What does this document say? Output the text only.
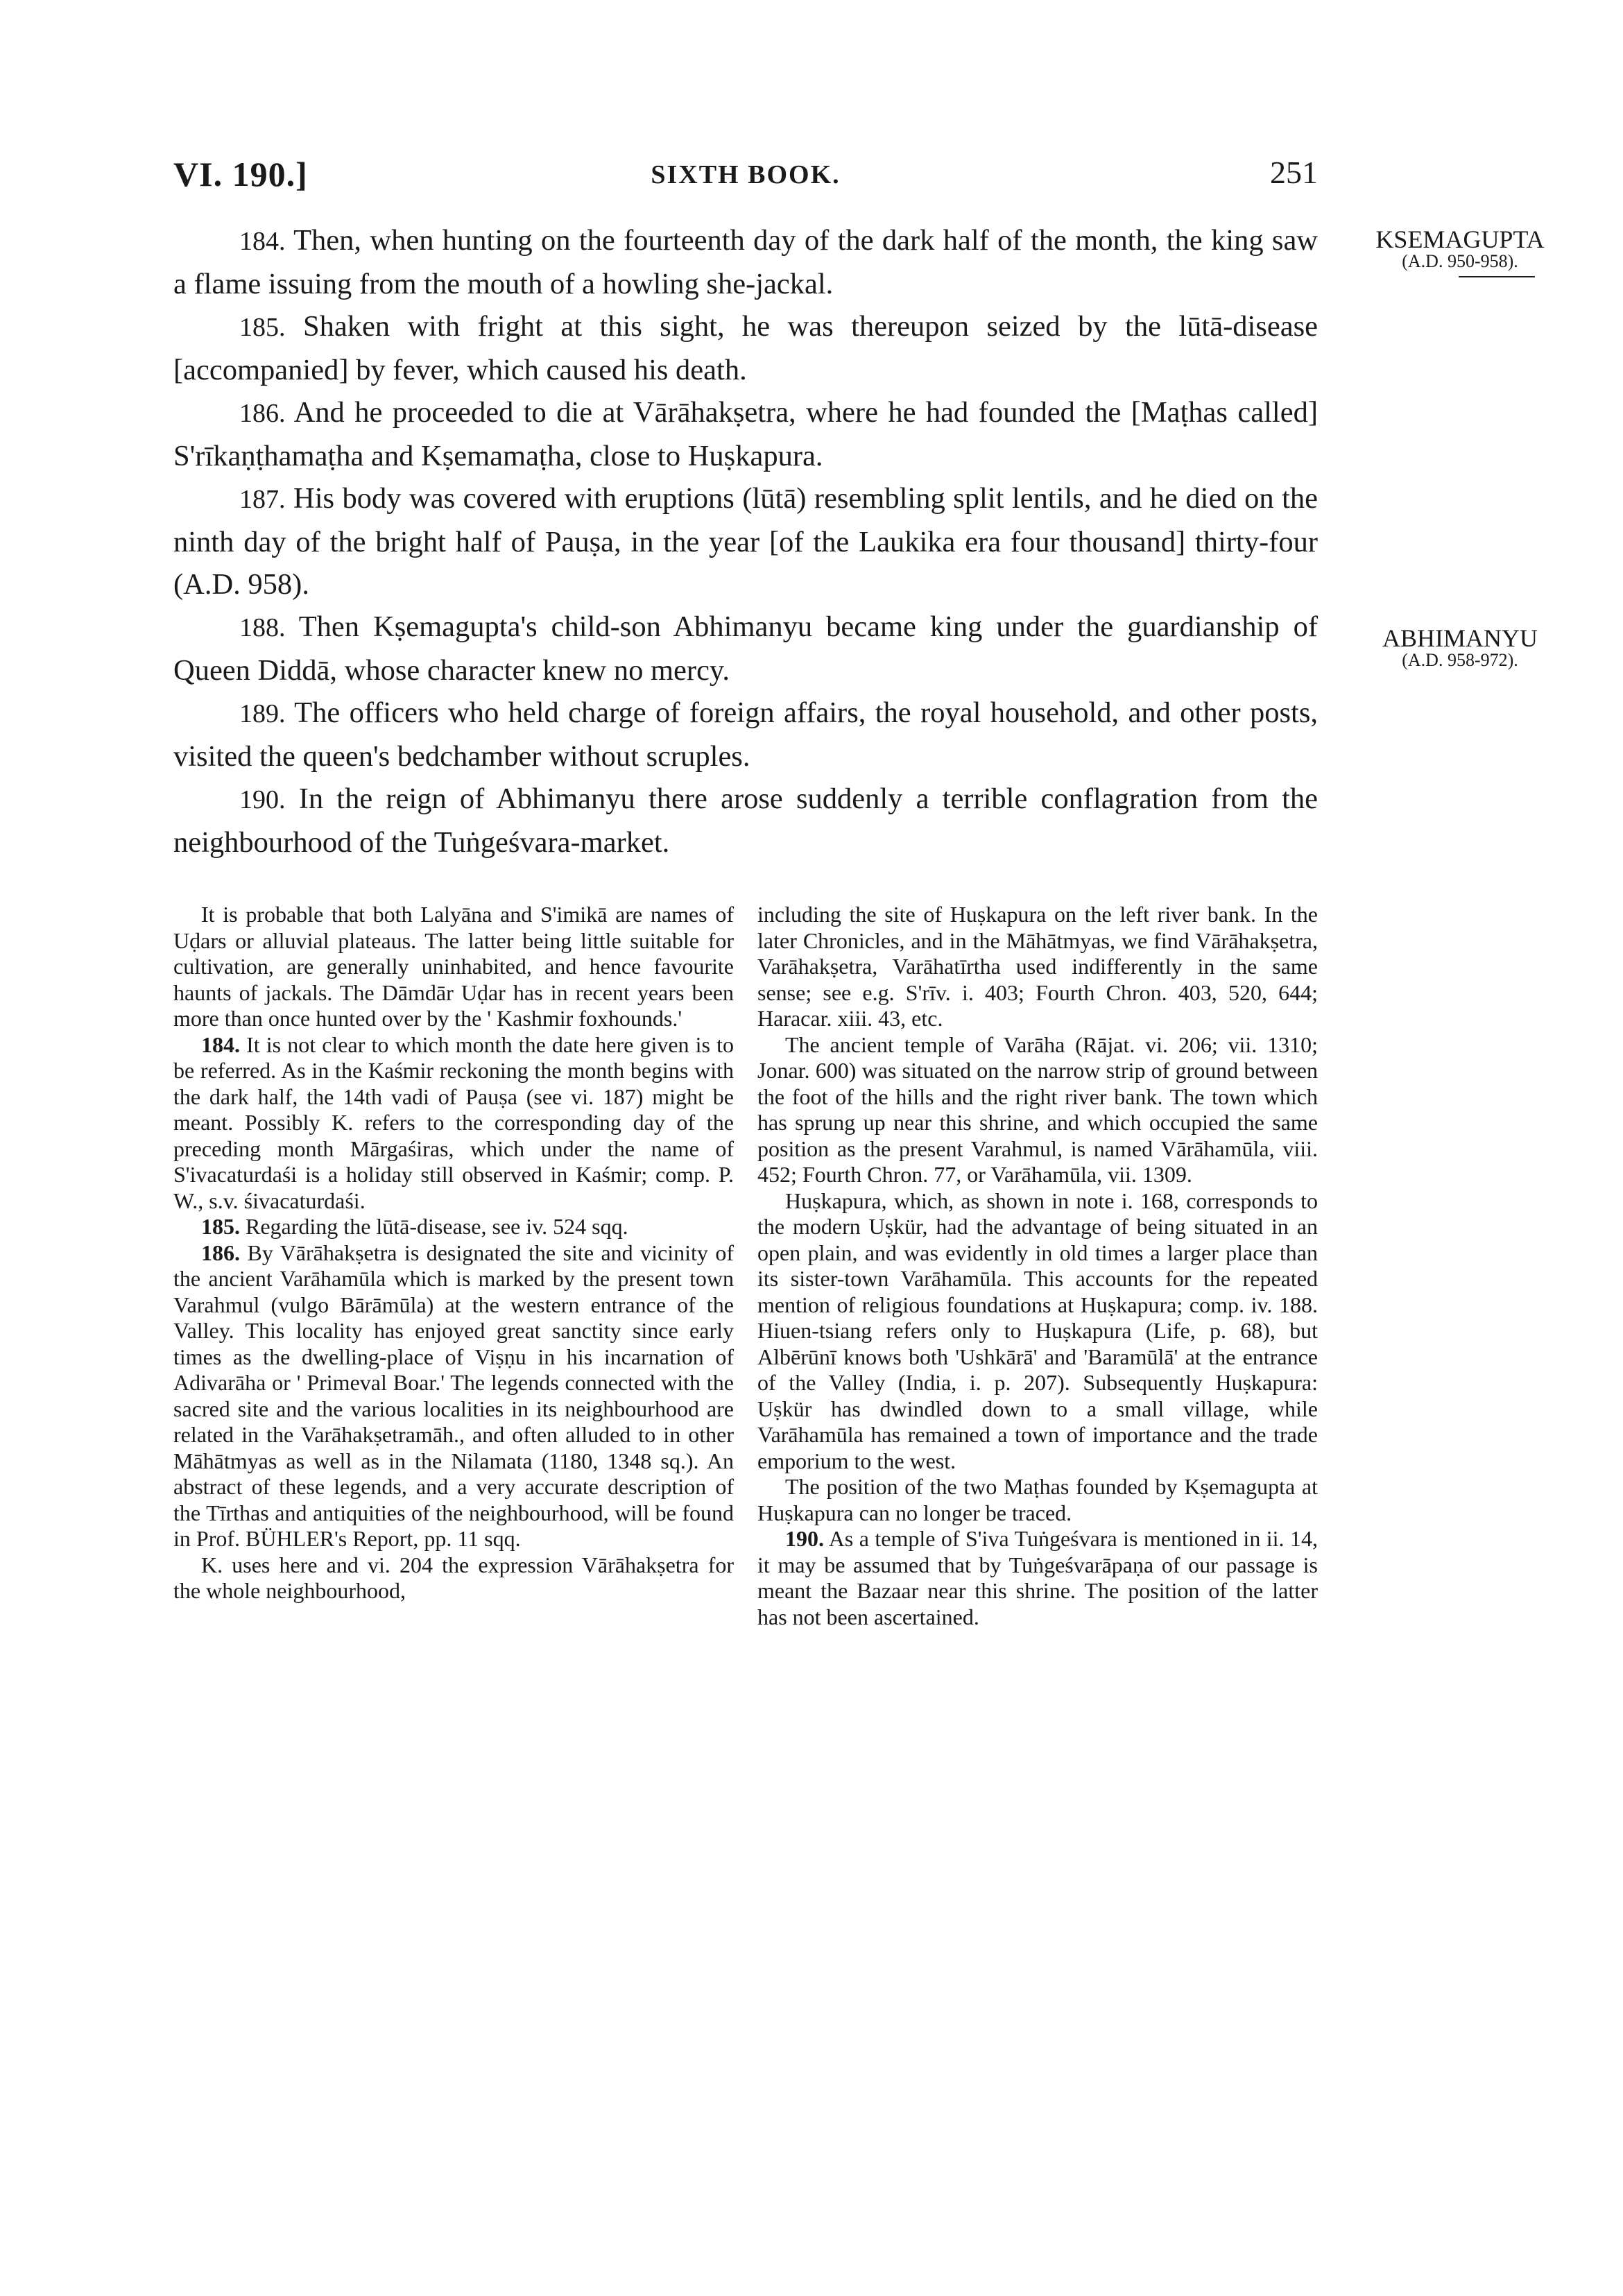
VI. 190.]	SIXTH BOOK.	251
KSEMAGUPTA
(A.D. 950-958).
ABHIMANYU
(A.D. 958-972).

184. Then, when hunting on the fourteenth day of the dark half of the month, the king saw a flame issuing from the mouth of a howling she-jackal.

185. Shaken with fright at this sight, he was thereupon seized by the lūtā-disease [accompanied] by fever, which caused his death.

186. And he proceeded to die at Vārāhakṣetra, where he had founded the [Maṭhas called] S'rīkaṇṭhamaṭha and Kṣemamaṭha, close to Huṣkapura.

187. His body was covered with eruptions (lūtā) resembling split lentils, and he died on the ninth day of the bright half of Pauṣa, in the year [of the Laukika era four thousand] thirty-four (A.D. 958).

188. Then Kṣemagupta's child-son Abhimanyu became king under the guardianship of Queen Diddā, whose character knew no mercy.

189. The officers who held charge of foreign affairs, the royal household, and other posts, visited the queen's bedchamber without scruples.

190. In the reign of Abhimanyu there arose suddenly a terrible conflagration from the neighbourhood of the Tuṅgeśvara-market.

It is probable that both Lalyāna and S'imikā are names of Uḍars or alluvial plateaus. The latter being little suitable for cultivation, are generally uninhabited, and hence favourite haunts of jackals. The Dāmdār Uḍar has in recent years been more than once hunted over by the ' Kashmir foxhounds.'

184. It is not clear to which month the date here given is to be referred. As in the Kaśmir reckoning the month begins with the dark half, the 14th vadi of Pauṣa (see vi. 187) might be meant. Possibly K. refers to the corresponding day of the preceding month Mārgaśiras, which under the name of S'ivacaturdaśi is a holiday still observed in Kaśmir; comp. P. W., s.v. śivacaturdaśi.

185. Regarding the lūtā-disease, see iv. 524 sqq.

186. By Vārāhakṣetra is designated the site and vicinity of the ancient Varāhamūla which is marked by the present town Varahmul (vulgo Bārāmūla) at the western entrance of the Valley. This locality has enjoyed great sanctity since early times as the dwelling-place of Viṣṇu in his incarnation of Adivarāha or ' Primeval Boar.' The legends connected with the sacred site and the various localities in its neighbourhood are related in the Varāhakṣetramāh., and often alluded to in other Māhātmyas as well as in the Nilamata (1180, 1348 sq.). An abstract of these legends, and a very accurate description of the Tīrthas and antiquities of the neighbourhood, will be found in Prof. BÜHLER's Report, pp. 11 sqq.

K. uses here and vi. 204 the expression Vārāhakṣetra for the whole neighbourhood,

including the site of Huṣkapura on the left river bank. In the later Chronicles, and in the Māhātmyas, we find Vārāhakṣetra, Varāhakṣetra, Varāhatīrtha used indifferently in the same sense; see e.g. S'rīv. i. 403; Fourth Chron. 403, 520, 644; Haracar. xiii. 43, etc.

The ancient temple of Varāha (Rājat. vi. 206; vii. 1310; Jonar. 600) was situated on the narrow strip of ground between the foot of the hills and the right river bank. The town which has sprung up near this shrine, and which occupied the same position as the present Varahmul, is named Vārāhamūla, viii. 452; Fourth Chron. 77, or Varāhamūla, vii. 1309.

Huṣkapura, which, as shown in note i. 168, corresponds to the modern Uṣkür, had the advantage of being situated in an open plain, and was evidently in old times a larger place than its sister-town Varāhamūla. This accounts for the repeated mention of religious foundations at Huṣkapura; comp. iv. 188. Hiuen-tsiang refers only to Huṣkapura (Life, p. 68), but Albērūnī knows both 'Ushkārā' and 'Baramūlā' at the entrance of the Valley (India, i. p. 207). Subsequently Huṣkapura: Uṣkür has dwindled down to a small village, while Varāhamūla has remained a town of importance and the trade emporium to the west.

The position of the two Maṭhas founded by Kṣemagupta at Huṣkapura can no longer be traced.

190. As a temple of S'iva Tuṅgeśvara is mentioned in ii. 14, it may be assumed that by Tuṅgeśvarāpaṇa of our passage is meant the Bazaar near this shrine. The position of the latter has not been ascertained.
